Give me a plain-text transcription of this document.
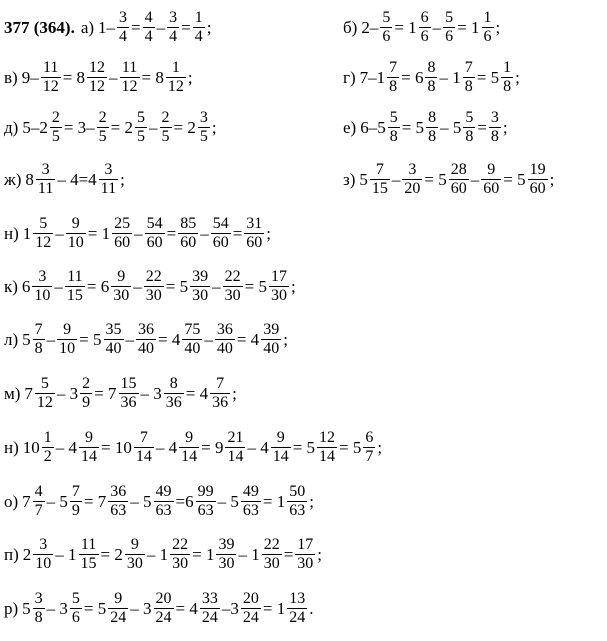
377 (364). а) $1- \frac{3}{4} = \frac{4}{4} - \frac{3}{4} = \frac{1}{4}$ ;	б) $2- \frac{5}{6} = 1 \frac{6}{6} - \frac{5}{6} = 1 \frac{1}{6}$ ;
в) $9- \frac{11}{12} = 8 \frac{12}{12} - \frac{11}{12} = 8 \frac{1}{12}$ ;	г) $7-1 \frac{7}{8} = 6 \frac{8}{8} - 1 \frac{7}{8} = 5 \frac{1}{8}$ ;
д) $5-2 \frac{2}{5} = 3- \frac{2}{5} = 2 \frac{5}{5} - \frac{2}{5} = 2 \frac{3}{5}$ ;	е) $6-5 \frac{5}{8} = 5 \frac{8}{8} - 5 \frac{5}{8} = \frac{3}{8}$ ;
ж) $8 \frac{3}{11} - 4=4 \frac{3}{11}$ ;	з) $5 \frac{7}{15} - \frac{3}{20} = 5 \frac{28}{60} - \frac{9}{60} = 5 \frac{19}{60}$ ;
н) $1 \frac{5}{12} - \frac{9}{10} = 1 \frac{25}{60} - \frac{54}{60} = \frac{85}{60} - \frac{54}{60} = \frac{31}{60}$ ;
к) $6 \frac{3}{10} - \frac{11}{15} = 6 \frac{9}{30} - \frac{22}{30} = 5 \frac{39}{30} - \frac{22}{30} = 5 \frac{17}{30}$ ;
л) $5 \frac{7}{8} - \frac{9}{10} = 5 \frac{35}{40} - \frac{36}{40} = 4 \frac{75}{40} - \frac{36}{40} = 4 \frac{39}{40}$ ;
м) $7 \frac{5}{12} - 3 \frac{2}{9} = 7 \frac{15}{36} - 3 \frac{8}{36} = 4 \frac{7}{36}$ ;
н) $10 \frac{1}{2} - 4 \frac{9}{14} = 10 \frac{7}{14} - 4 \frac{9}{14} = 9 \frac{21}{14} - 4 \frac{9}{14} = 5 \frac{12}{14} = 5 \frac{6}{7}$ ;
о) $7 \frac{4}{7} - 5 \frac{7}{9} = 7 \frac{36}{63} - 5 \frac{49}{63} =6 \frac{99}{63} - 5 \frac{49}{63} = 1 \frac{50}{63}$ ;
п) $2 \frac{3}{10} - 1 \frac{11}{15} = 2 \frac{9}{30} - 1 \frac{22}{30} = 1 \frac{39}{30} - 1 \frac{22}{30} = \frac{17}{30}$ ;
р) $5 \frac{3}{8} - 3 \frac{5}{6} = 5 \frac{9}{24} - 3 \frac{20}{24} = 4 \frac{33}{24} -3 \frac{20}{24} = 1 \frac{13}{24}$ .
